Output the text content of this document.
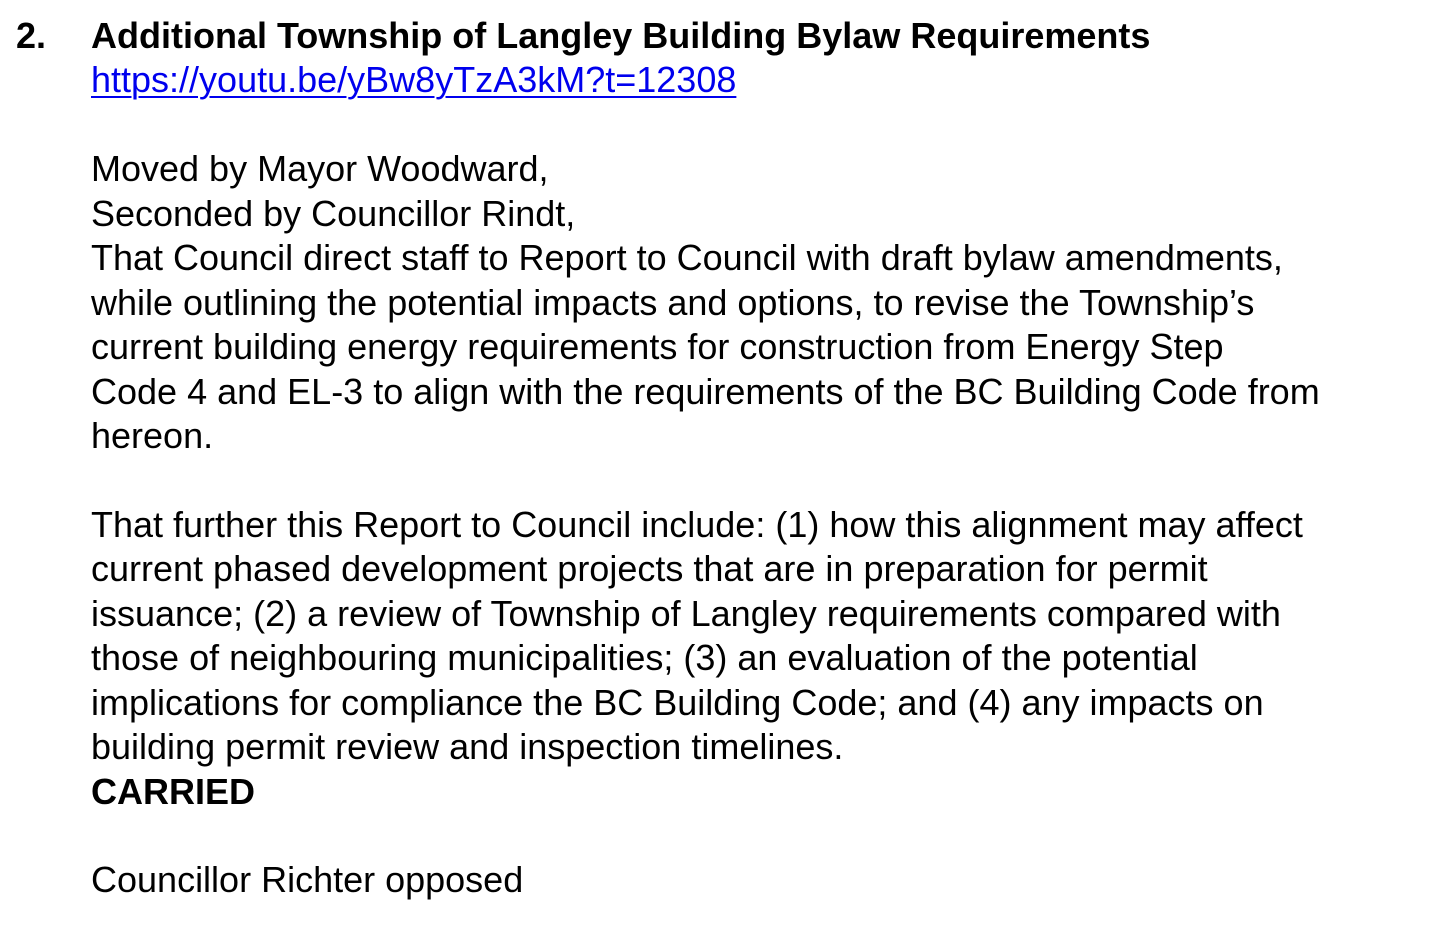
2. Additional Township of Langley Building Bylaw Requirements
https://youtu.be/yBw8yTzA3kM?t=12308
Moved by Mayor Woodward,
Seconded by Councillor Rindt,
That Council direct staff to Report to Council with draft bylaw amendments,
while outlining the potential impacts and options, to revise the Township’s
current building energy requirements for construction from Energy Step
Code 4 and EL-3 to align with the requirements of the BC Building Code from
hereon.
That further this Report to Council include: (1) how this alignment may affect
current phased development projects that are in preparation for permit
issuance; (2) a review of Township of Langley requirements compared with
those of neighbouring municipalities; (3) an evaluation of the potential
implications for compliance the BC Building Code; and (4) any impacts on
building permit review and inspection timelines.
CARRIED
Councillor Richter opposed
